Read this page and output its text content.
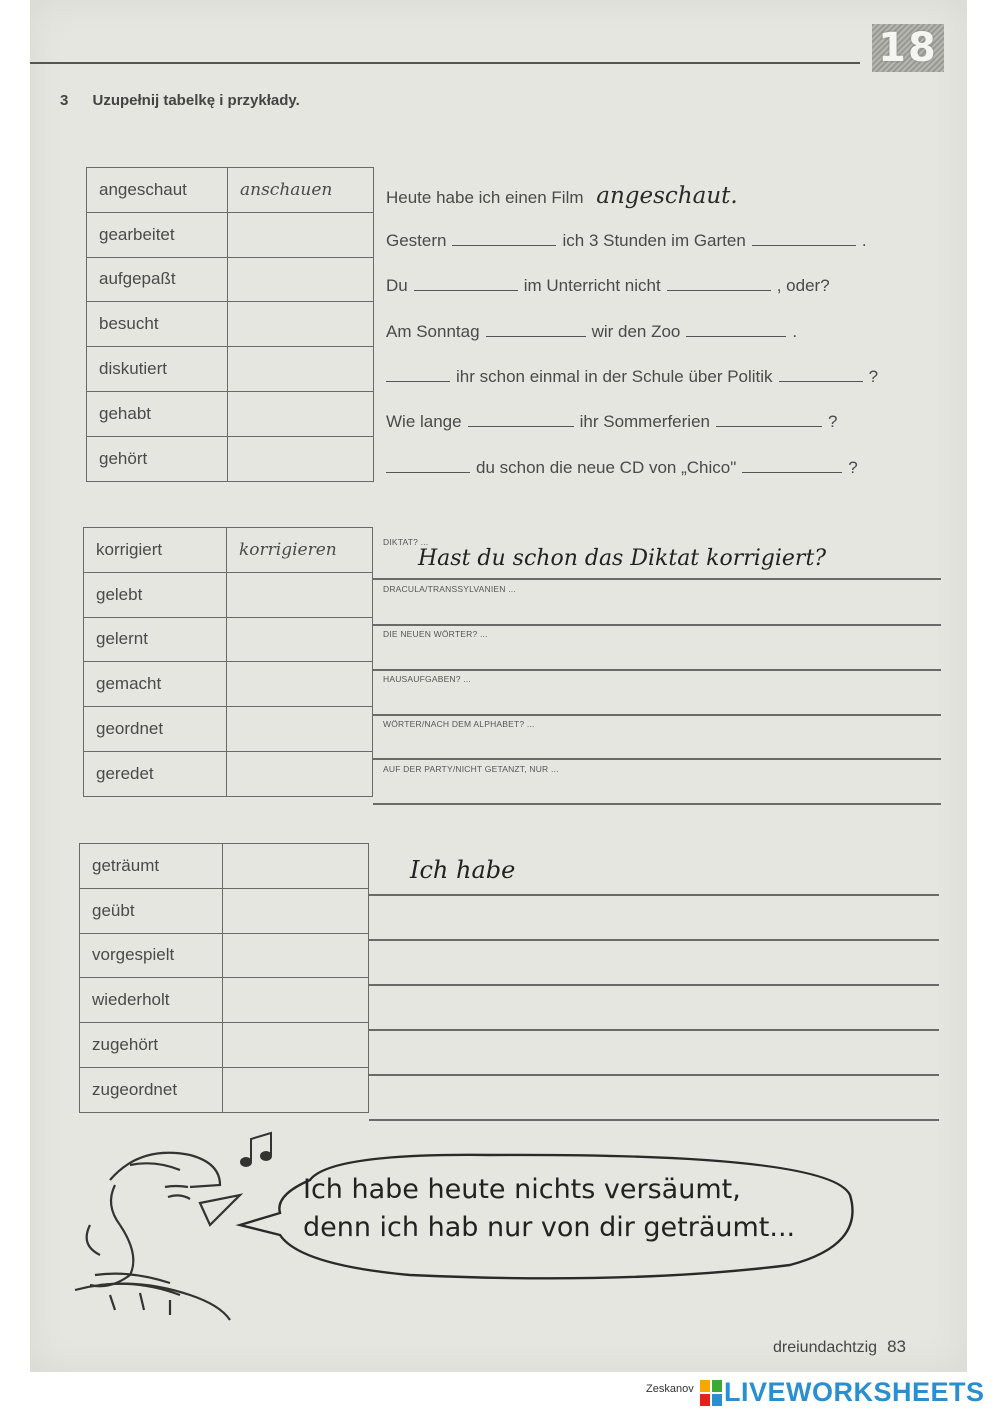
18
3 Uzupełnij tabelkę i przykłady.
angeschaut	anschauen
gearbeitet	
aufgepaßt	
besucht	
diskutiert	
gehabt	
gehört	
Heute habe ich einen Film angeschaut.
Gestern	ich 3 Stunden im Garten	.
Du	im Unterricht nicht	, oder?
Am Sonntag	wir den Zoo	.
ihr schon einmal in der Schule über Politik	?
Wie lange	ihr Sommerferien	?
du schon die neue CD von „Chico"	?
korrigiert	korrigieren
gelebt	
gelernt	
gemacht	
geordnet	
geredet	
DIKTAT? ...
Hast du schon das Diktat korrigiert?
DRACULA/TRANSSYLVANIEN ...
DIE NEUEN WÖRTER? ...
HAUSAUFGABEN? ...
WÖRTER/NACH DEM ALPHABET? ...
AUF DER PARTY/NICHT GETANZT, NUR ...
geträumt	
geübt	
vorgespielt	
wiederholt	
zugehört	
zugeordnet	
Ich habe
Ich habe heute nichts versäumt,
denn ich hab nur von dir geträumt...
dreiundachtzig 83
Zeskanov LIVEWORKSHEETS
